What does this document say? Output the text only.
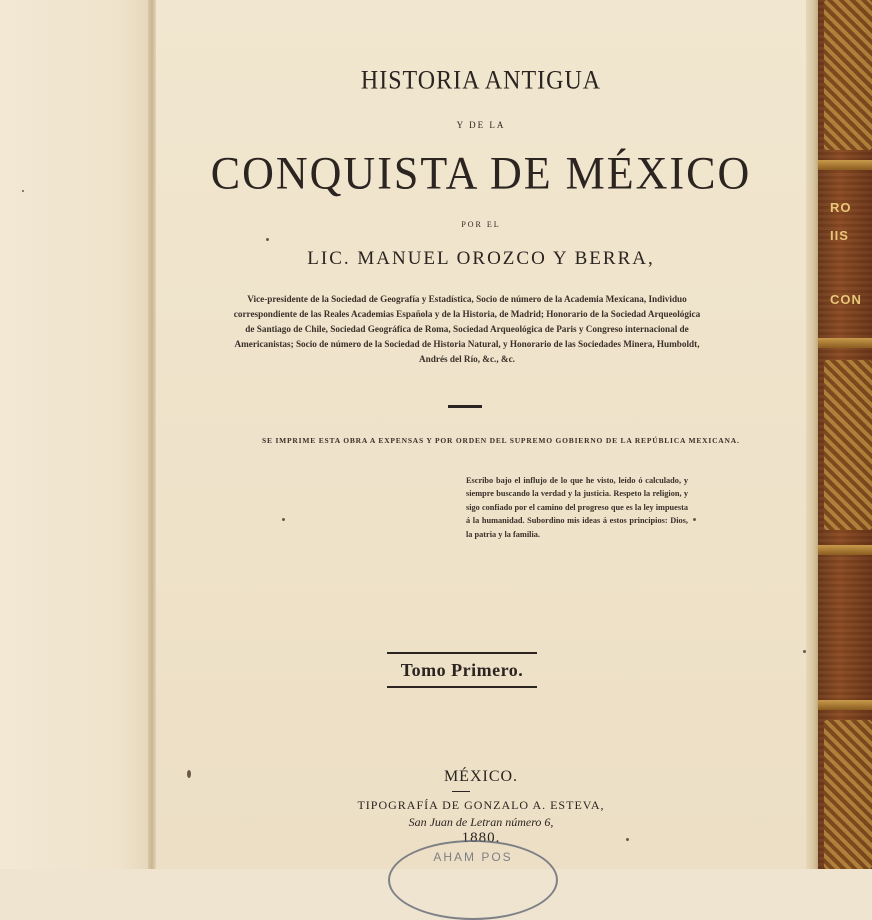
RO
IIS
CON
HISTORIA ANTIGUA
Y DE LA
CONQUISTA DE MÉXICO
POR EL
LIC. MANUEL OROZCO Y BERRA,
Vice-presidente de la Sociedad de Geografía y Estadística, Socio de número de la Academia Mexicana, Individuo correspondiente de las Reales Academias Española y de la Historia, de Madrid; Honorario de la Sociedad Arqueológica de Santiago de Chile, Sociedad Geográfica de Roma, Sociedad Arqueológica de Paris y Congreso internacional de Americanistas; Socio de número de la Sociedad de Historia Natural, y Honorario de las Sociedades Minera, Humboldt, Andrés del Río, &c., &c.
SE IMPRIME ESTA OBRA A EXPENSAS Y POR ORDEN DEL SUPREMO GOBIERNO DE LA REPÚBLICA MEXICANA.
Escribo bajo el influjo de lo que he visto, leído ó calculado, y siempre buscando la verdad y la justicia. Respeto la religion, y sigo confiado por el camino del progreso que es la ley impuesta á la humanidad. Subordino mis ideas á estos principios: Dios, la patria y la familia.
Tomo Primero.
MÉXICO.
TIPOGRAFÍA DE GONZALO A. ESTEVA,
San Juan de Letran número 6,
1880.
AHAM POS
